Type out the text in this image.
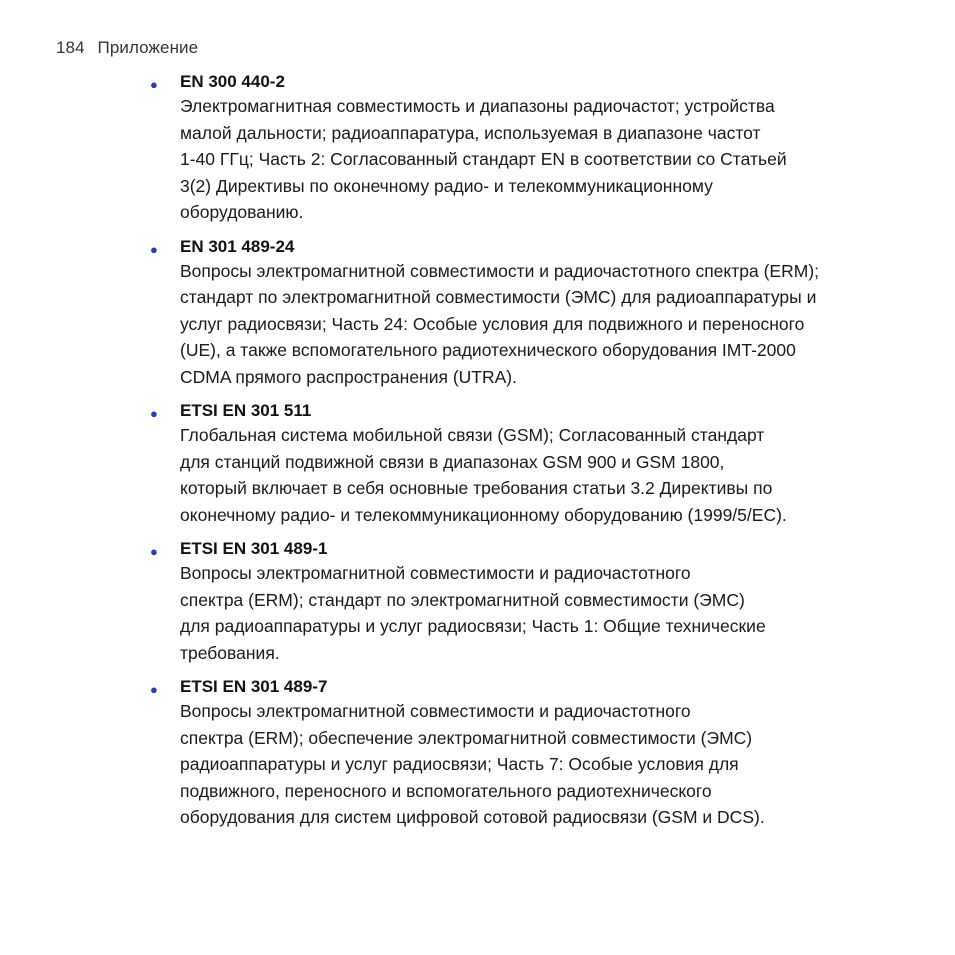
184 Приложение
● EN 300 440-2
Электромагнитная совместимость и диапазоны радиочастот; устройства
малой дальности; радиоаппаратура, используемая в диапазоне частот
1-40 ГГц; Часть 2: Согласованный стандарт EN в соответствии со Статьей
3(2) Директивы по оконечному радио- и телекоммуникационному
оборудованию.
● EN 301 489-24
Вопросы электромагнитной совместимости и радиочастотного спектра (ERM);
стандарт по электромагнитной совместимости (ЭМС) для радиоаппаратуры и
услуг радиосвязи; Часть 24: Особые условия для подвижного и переносного
(UE), а также вспомогательного радиотехнического оборудования IMT-2000
CDMA прямого распространения (UTRA).
● ETSI EN 301 511
Глобальная система мобильной связи (GSM); Согласованный стандарт
для станций подвижной связи в диапазонах GSM 900 и GSM 1800,
который включает в себя основные требования статьи 3.2 Директивы по
оконечному радио- и телекоммуникационному оборудованию (1999/5/EC).
● ETSI EN 301 489-1
Вопросы электромагнитной совместимости и радиочастотного
спектра (ERM); стандарт по электромагнитной совместимости (ЭМС)
для радиоаппаратуры и услуг радиосвязи; Часть 1: Общие технические
требования.
● ETSI EN 301 489-7
Вопросы электромагнитной совместимости и радиочастотного
спектра (ERM); обеспечение электромагнитной совместимости (ЭМС)
радиоаппаратуры и услуг радиосвязи; Часть 7: Особые условия для
подвижного, переносного и вспомогательного радиотехнического
оборудования для систем цифровой сотовой радиосвязи (GSM и DCS).
